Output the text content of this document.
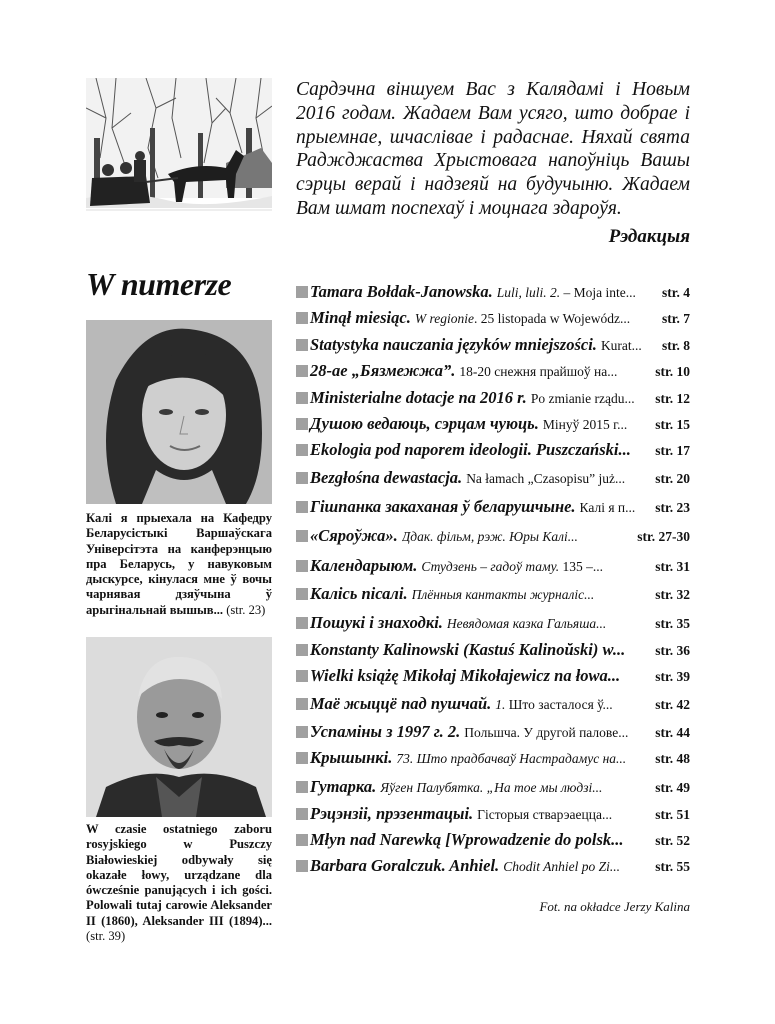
Сардэчна віншуем Вас з Калядамі і Новым 2016 годам. Жадаем Вам усяго, што добрае і прыемнае, шчаслівае і радаснае. Няхай свята Раджджаства Хрыстовага напоўніць Вашы сэрцы верай і надзеяй на будучыню. Жадаем Вам шмат поспехаў і моцнага здароўя.
Рэдакцыя
W numerze
Калі я прыехала на Кафедру Беларусістыкі Варшаўскага Універсітэта на канферэнцыю пра Беларусь, у навуковым дыскурсе, кінулася мне ў вочы чарнявая дзяўчына ў арыгінальнай вышыв... (str. 23)
W czasie ostatniego zaboru rosyjskiego w Puszczy Białowieskiej odbywały się okazałe łowy, urządzane dla ówcześnie panujących i ich gości. Polowali tutaj carowie Aleksander II (1860), Aleksander III (1894)... (str. 39)
Tamara Bołdak-Janowska. Luli, luli. 2. – Moja inte...	str. 4
Minął miesiąc. W regionie. 25 listopada w Wojewódz...	str. 7
Statystyka nauczania języków mniejszości. Kurat...	str. 8
28-ае „Бязмежжа”. 18-20 снежня прайшоў на...	str. 10
Ministerialne dotacje na 2016 r. Po zmianie rządu...	str. 12
Душою ведаюць, сэрцам чуюць. Мінуў 2015 г...	str. 15
Ekologia pod naporem ideologii. Puszczański... str. 17
Bezgłośna dewastacja. Na łamach „Czasopisu” już...	str. 20
Гішпанка закаханая ў беларушчыне. Калі я п...	str. 23
«Сяроўжа». Ддак. фільм, рэж. Юры Калі...	str. 27-30
Календарыюм. Студзень – гадоў таму. 135 –...	str. 31
Калісь пісалі. Плённыя кантакты журналіс...	str. 32
Пошукі і знаходкі. Невядомая казка Гальяша...	str. 35
Konstanty Kalinowski (Kastuś Kalinoŭski) w... str. 36
Wielki książę Mikołaj Mikołajewicz na łowa...	str. 39
Маё жыццё пад пушчай. 1. Што засталося ў...	str. 42
Успаміны з 1997 г. 2. Польшча. У другой палове...	str. 44
Крышынкі. 73. Што прадбачваў Настрадамус на...	str. 48
Гутарка. Яўген Палубятка. „На тое мы людзі...	str. 49
Рэцэнзіі, прэзентацыі. Гісторыя стварэаецца...	str. 51
Młyn nad Narewką [Wprowadzenie do polsk... str. 52
Barbara Goralczuk. Anhiel. Chodit Anhiel po Zi...	str. 55
Fot. na okładce Jerzy Kalina
